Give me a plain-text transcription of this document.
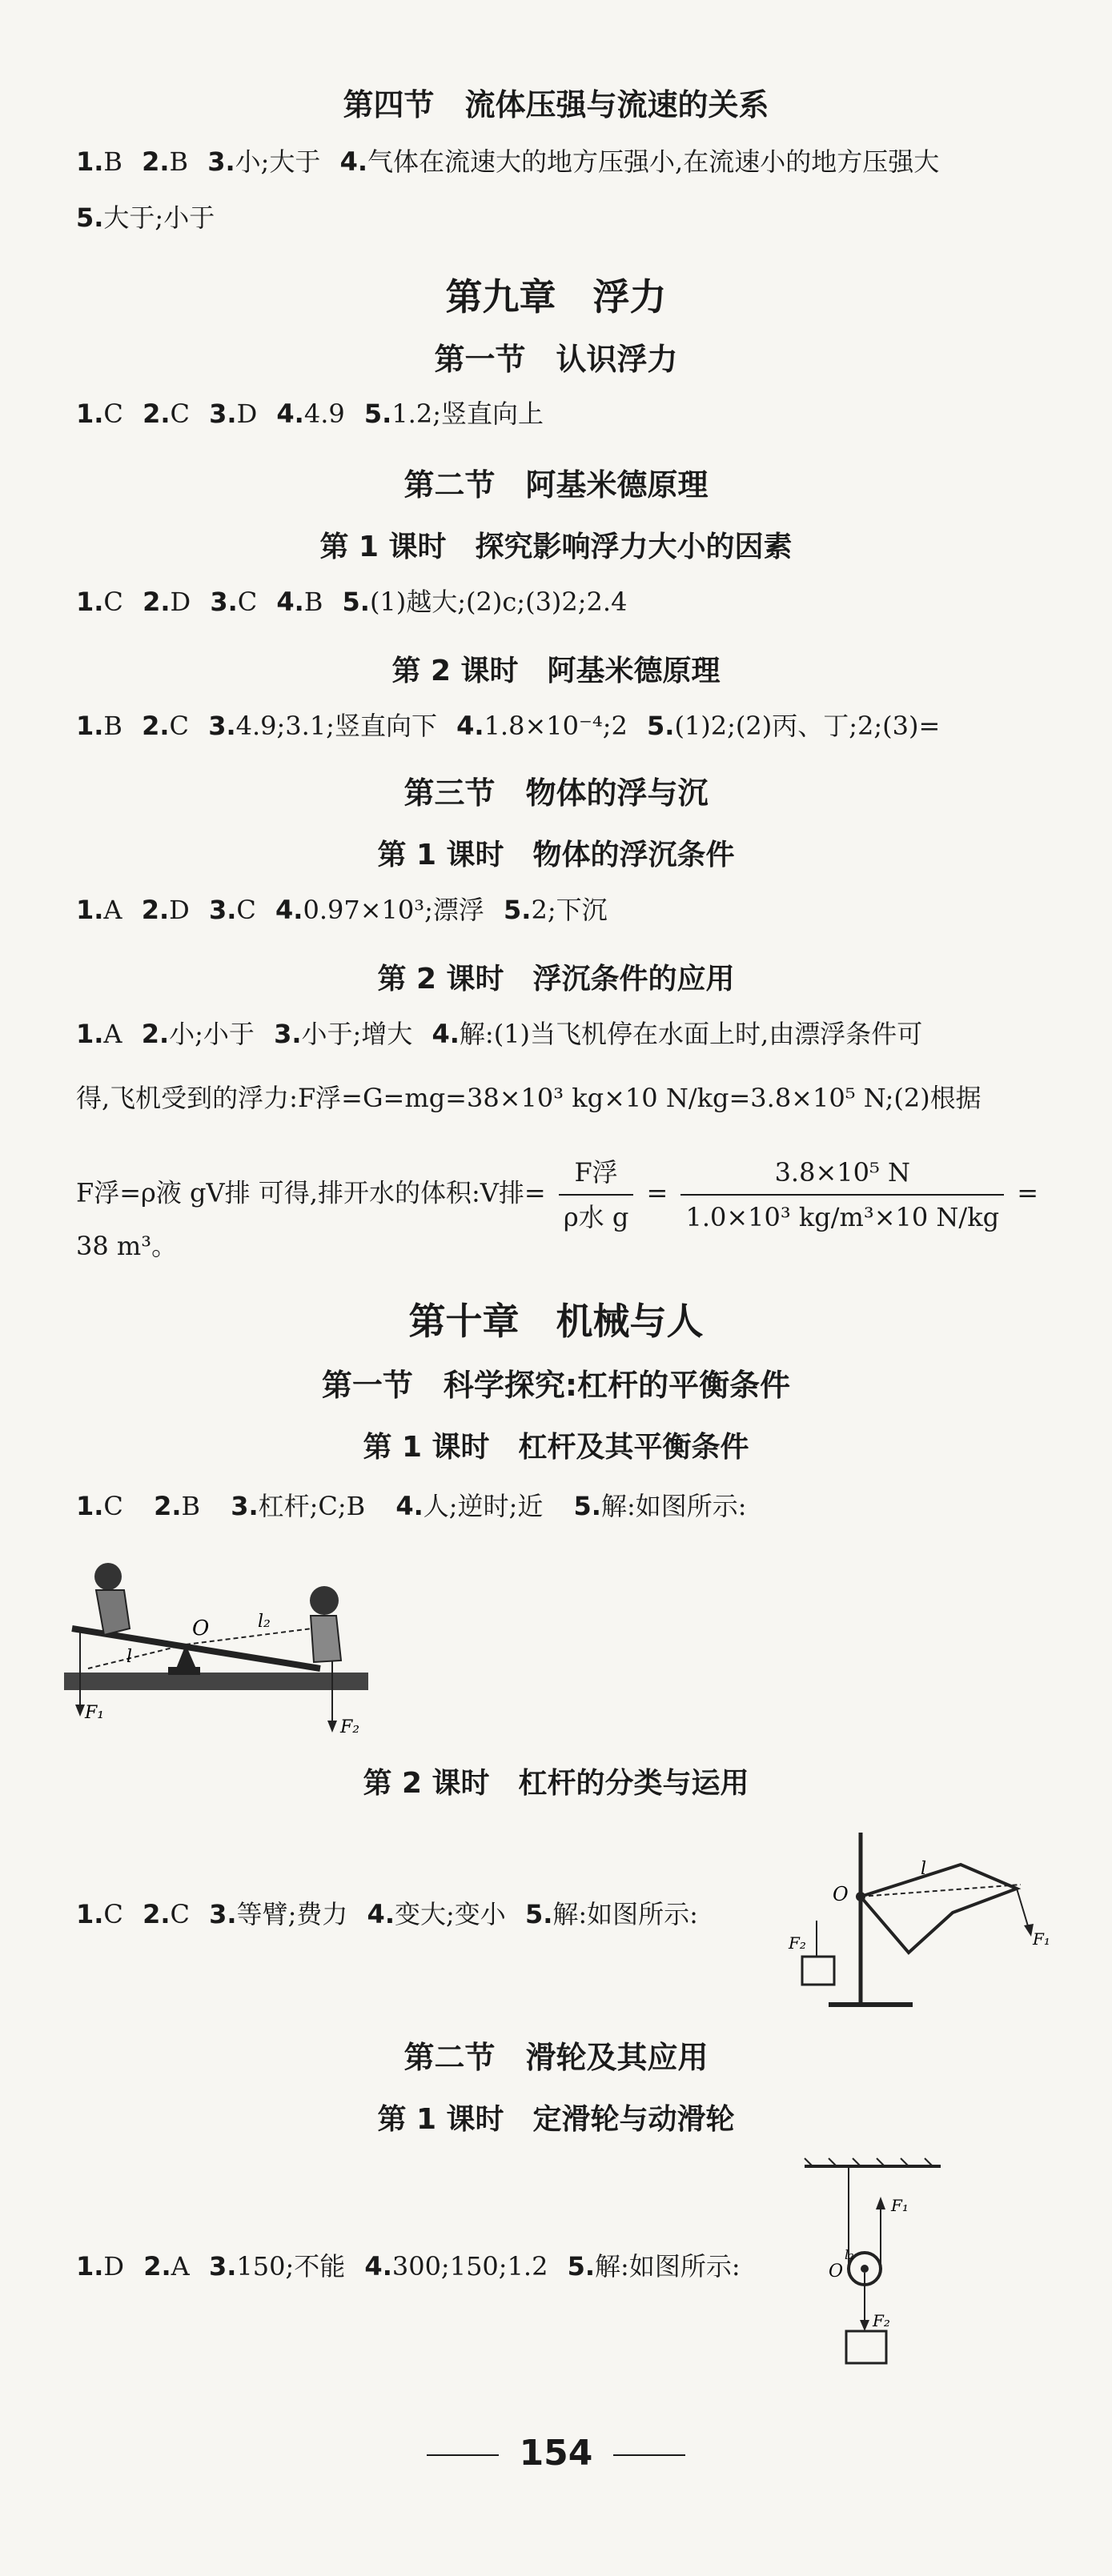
第四节　流体压强与流速的关系
1.B 2.B 3.小;大于 4.气体在流速大的地方压强小,在流速小的地方压强大
5.大于;小于
第九章　浮力
第一节　认识浮力
1.C 2.C 3.D 4.4.9 5.1.2;竖直向上
第二节　阿基米德原理
第 1 课时　探究影响浮力大小的因素
1.C 2.D 3.C 4.B 5.(1)越大;(2)c;(3)2;2.4
第 2 课时　阿基米德原理
1.B 2.C 3.4.9;3.1;竖直向下 4.1.8×10⁻⁴;2 5.(1)2;(2)丙、丁;2;(3)=
第三节　物体的浮与沉
第 1 课时　物体的浮沉条件
1.A 2.D 3.C 4.0.97×10³;漂浮 5.2;下沉
第 2 课时　浮沉条件的应用
1.A 2.小;小于 3.小于;增大 4.解:(1)当飞机停在水面上时,由漂浮条件可
得,飞机受到的浮力:F浮=G=mg=38×10³ kg×10 N/kg=3.8×10⁵ N;(2)根据
F浮=ρ液 gV排 可得,排开水的体积:V排= $\frac{\text{F浮}}{\text{ρ水 g}} = \frac{\text{3.8×10⁵ N}}{\text{1.0×10³ kg/m³×10 N/kg}}$ =
38 m³。
第十章　机械与人
第一节　科学探究:杠杆的平衡条件
第 1 课时　杠杆及其平衡条件
1.C 2.B 3.杠杆;C;B 4.人;逆时;近 5.解:如图所示:
O	l₂
l
F₁
F₂
第 2 课时　杠杆的分类与运用
1.C 2.C 3.等臂;费力 4.变大;变小 5.解:如图所示:
O
l
F₁
F₂
第二节　滑轮及其应用
第 1 课时　定滑轮与动滑轮
1.D 2.A 3.150;不能 4.300;150;1.2 5.解:如图所示:
F₁
O
l₂
F₂
154
